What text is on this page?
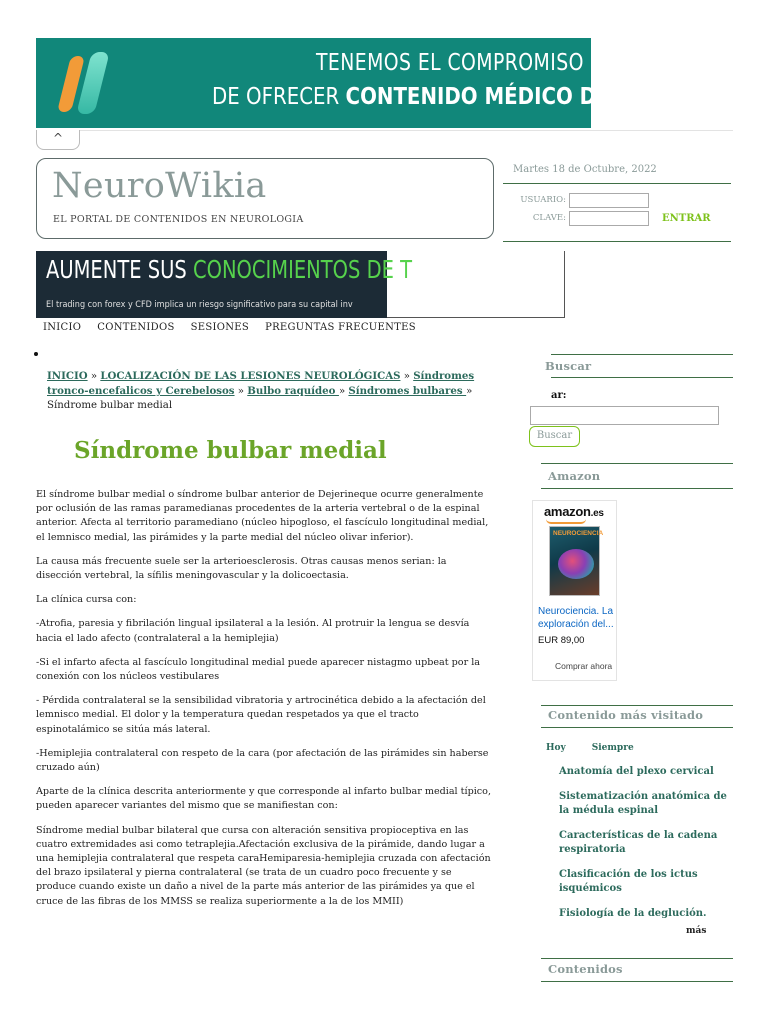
TENEMOS EL COMPROMISO
DE OFRECER CONTENIDO MÉDICO DE CONF
^
NeuroWikia
EL PORTAL DE CONTENIDOS EN NEUROLOGIA
Martes 18 de Octubre, 2022
USUARIO:
CLAVE:	ENTRAR
AUMENTE SUS CONOCIMIENTOS DE T
El trading con forex y CFD implica un riesgo significativo para su capital inv
INICIO	CONTENIDOS	SESIONES	PREGUNTAS FRECUENTES
INICIO » LOCALIZACIÓN DE LAS LESIONES NEUROLÓGICAS » Síndromes tronco-encefalicos y Cerebelosos » Bulbo raquídeo » Síndromes bulbares » Síndrome bulbar medial
Síndrome bulbar medial

El síndrome bulbar medial o síndrome bulbar anterior de Dejerineque ocurre generalmente por oclusión de las ramas paramedianas procedentes de la arteria vertebral o de la espinal anterior. Afecta al territorio paramediano (núcleo hipogloso, el fascículo longitudinal medial, el lemnisco medial, las pirámides y la parte medial del núcleo olivar inferior).

La causa más frecuente suele ser la arterioesclerosis. Otras causas menos serian: la disección vertebral, la sífilis meningovascular y la dolicoectasia.

La clínica cursa con:

-Atrofia, paresia y fibrilación lingual ipsilateral a la lesión. Al protruir la lengua se desvía hacia el lado afecto (contralateral a la hemiplejia)

-Si el infarto afecta al fascículo longitudinal medial puede aparecer nistagmo upbeat por la conexión con los núcleos vestibulares

- Pérdida contralateral se la sensibilidad vibratoria y artrocinética debido a la afectación del lemnisco medial. El dolor y la temperatura quedan respetados ya que el tracto espinotalámico se sitúa más lateral.

-Hemiplejia contralateral con respeto de la cara (por afectación de las pirámides sin haberse cruzado aún)

Aparte de la clínica descrita anteriormente y que corresponde al infarto bulbar medial típico, pueden aparecer variantes del mismo que se manifiestan con:

Síndrome medial bulbar bilateral que cursa con alteración sensitiva propioceptiva en las cuatro extremidades asi como tetraplejia.Afectación exclusiva de la pirámide, dando lugar a una hemiplejia contralateral que respeta caraHemiparesia-hemiplejia cruzada con afectación del brazo ipsilateral y pierna contralateral (se trata de un cuadro poco frecuente y se produce cuando existe un daño a nivel de la parte más anterior de las pirámides ya que el cruce de las fibras de los MMSS se realiza superiormente a la de los MMII)

Buscar
ar:
Buscar
Amazon
amazon.es
NEUROCIENCIA
Neurociencia. La exploración del...
EUR 89,00
Comprar ahora
Contenido más visitado
Hoy	Siempre
Anatomía del plexo cervical
Sistematización anatómica de la médula espinal
Características de la cadena respiratoria
Clasificación de los ictus isquémicos
Fisiología de la deglución.
más
Contenidos
